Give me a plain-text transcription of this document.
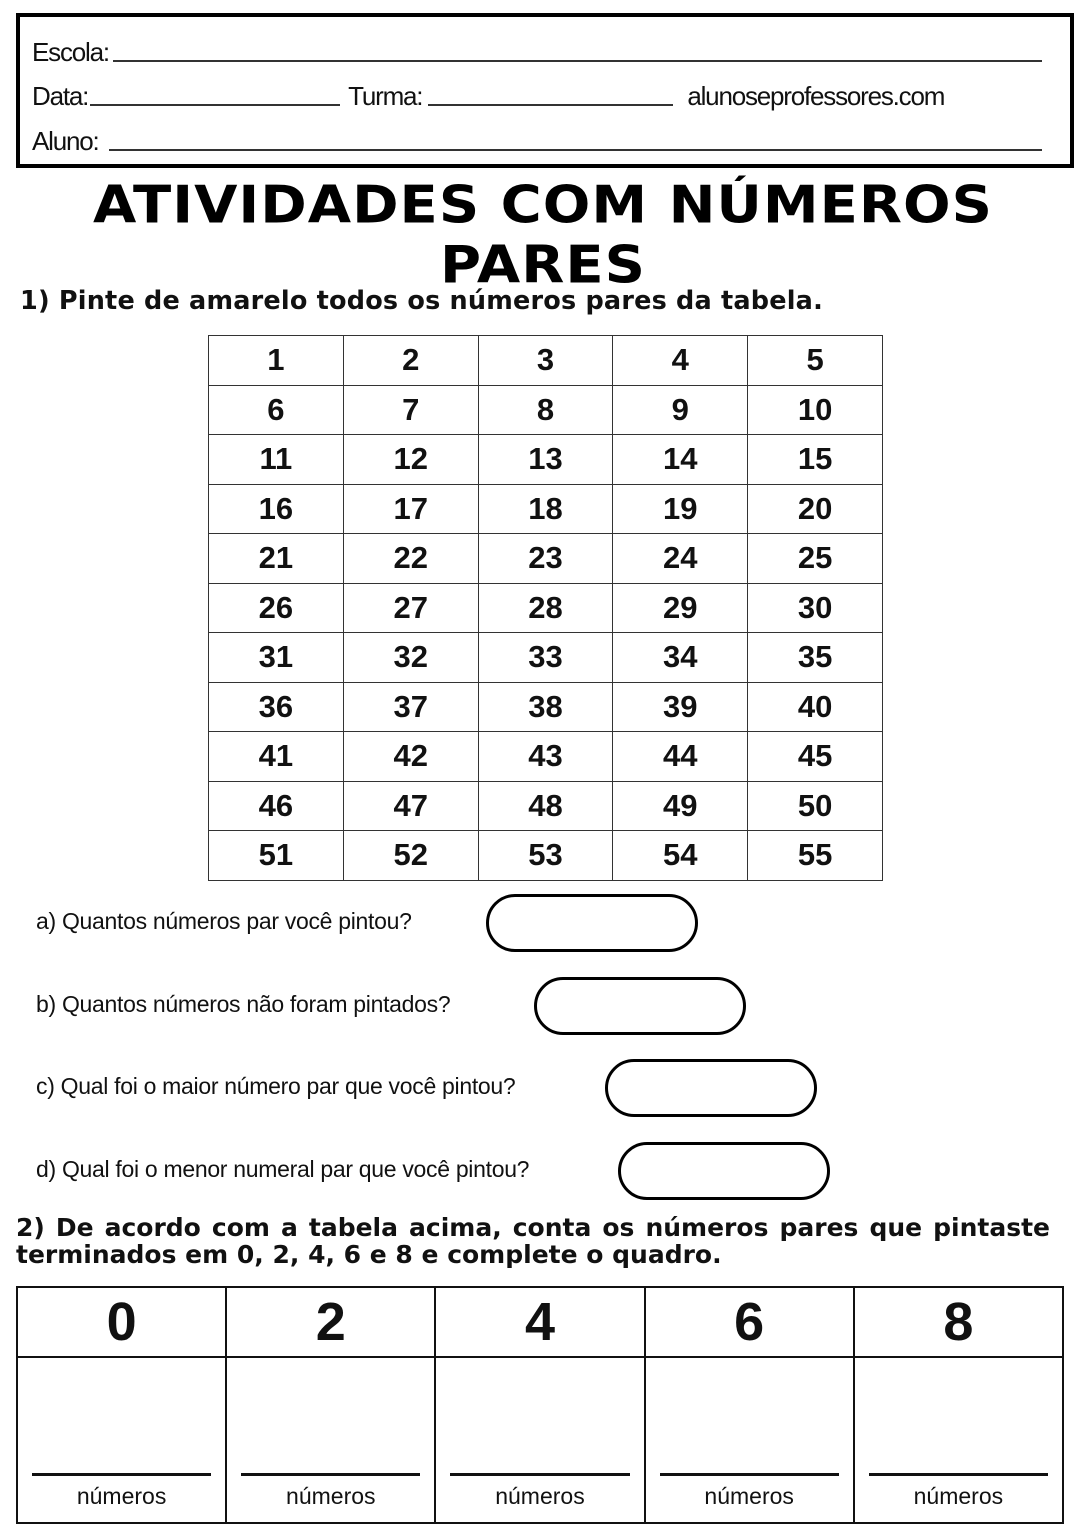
Escola:
Data:	Turma:	alunoseprofessores.com
Aluno:
ATIVIDADES COM NÚMEROS
PARES
1) Pinte de amarelo todos os números pares da tabela.
1	2	3	4	5
6	7	8	9	10
11	12	13	14	15
16	17	18	19	20
21	22	23	24	25
26	27	28	29	30
31	32	33	34	35
36	37	38	39	40
41	42	43	44	45
46	47	48	49	50
51	52	53	54	55
a) Quantos números par você pintou?
b) Quantos números não foram pintados?
c) Qual foi o maior número par que você pintou?
d) Qual foi o menor numeral par que você pintou?
2) De acordo com a tabela acima, conta os números pares que pintaste terminados em 0, 2, 4, 6 e 8 e complete o quadro.
0	2	4	6	8

números	números	números	números	números
